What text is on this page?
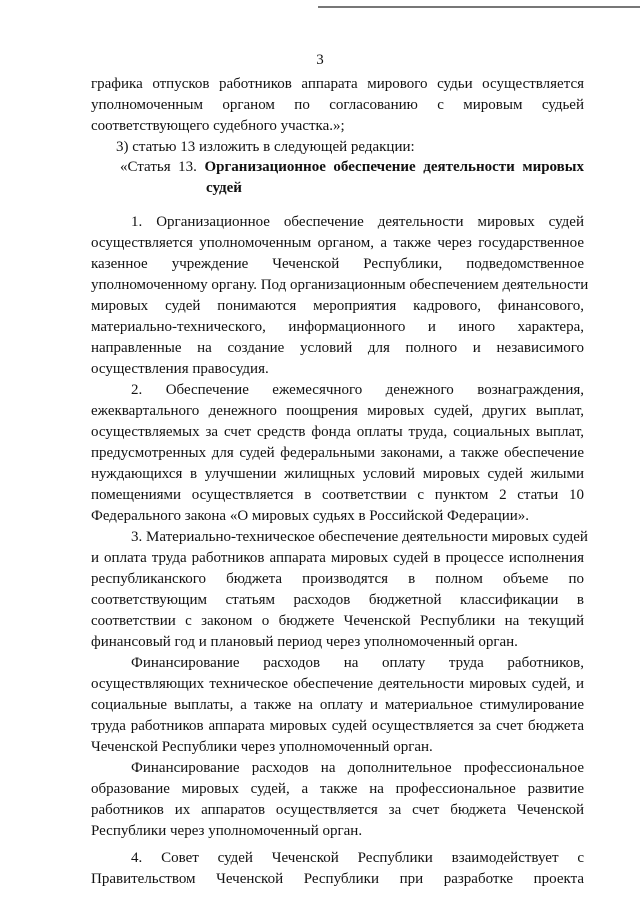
3
графика отпусков работников аппарата мирового судьи осуществляется
уполномоченным органом по согласованию с мировым судьей
соответствующего судебного участка.»;
3) статью 13 изложить в следующей редакции:
«Статья 13. Организационное обеспечение деятельности мировых
судей
1. Организационное обеспечение деятельности мировых судей
осуществляется уполномоченным органом, а также через государственное
казенное учреждение Чеченской Республики, подведомственное
уполномоченному органу. Под организационным обеспечением деятельности
мировых судей понимаются мероприятия кадрового, финансового,
материально-технического, информационного и иного характера,
направленные на создание условий для полного и независимого
осуществления правосудия.
2. Обеспечение ежемесячного денежного вознаграждения,
ежеквартального денежного поощрения мировых судей, других выплат,
осуществляемых за счет средств фонда оплаты труда, социальных выплат,
предусмотренных для судей федеральными законами, а также обеспечение
нуждающихся в улучшении жилищных условий мировых судей жилыми
помещениями осуществляется в соответствии с пунктом 2 статьи 10
Федерального закона «О мировых судьях в Российской Федерации».
3. Материально-техническое обеспечение деятельности мировых судей
и оплата труда работников аппарата мировых судей в процессе исполнения
республиканского бюджета производятся в полном объеме по
соответствующим статьям расходов бюджетной классификации в
соответствии с законом о бюджете Чеченской Республики на текущий
финансовый год и плановый период через уполномоченный орган.
Финансирование расходов на оплату труда работников,
осуществляющих техническое обеспечение деятельности мировых судей, и
социальные выплаты, а также на оплату и материальное стимулирование
труда работников аппарата мировых судей осуществляется за счет бюджета
Чеченской Республики через уполномоченный орган.
Финансирование расходов на дополнительное профессиональное
образование мировых судей, а также на профессиональное развитие
работников их аппаратов осуществляется за счет бюджета Чеченской
Республики через уполномоченный орган.
4. Совет судей Чеченской Республики взаимодействует с
Правительством Чеченской Республики при разработке проекта
